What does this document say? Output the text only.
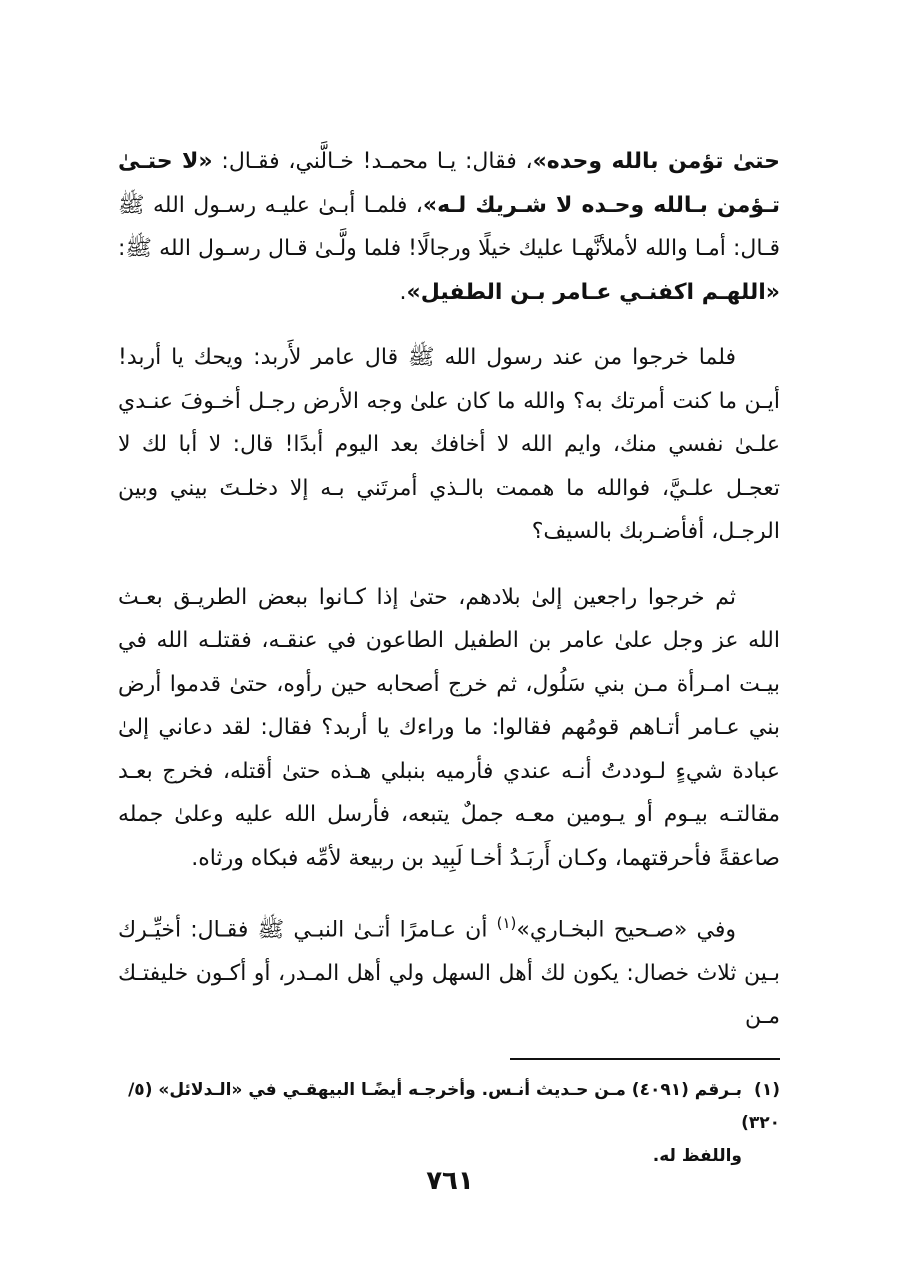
حتىٰ تؤمن بالله وحده»، فقال: يـا محمـد! خـالَّني، فقـال: «لا حتـىٰ تـؤمن بـالله وحـده لا شـريك لـه»، فلمـا أبـىٰ عليـه رسـول الله ﷺ قـال: أمـا والله لأملأنَّهـا عليك خيلًا ورجالًا! فلما ولَّـىٰ قـال رسـول الله ﷺ: «اللهـم اكفنـي عـامر بـن الطفيل».

فلما خرجوا من عند رسول الله ﷺ قال عامر لأَربد: ويحك يا أربد! أيـن ما كنت أمرتك به؟ والله ما كان علىٰ وجه الأرض رجـل أخـوفَ عنـدي علـىٰ نفسي منك، وايم الله لا أخافك بعد اليوم أبدًا! قال: لا أبا لك لا تعجـل علـيَّ، فوالله ما هممت بالـذي أمرتَني بـه إلا دخلـتَ بيني وبين الرجـل، أفأضـربك بالسيف؟

ثم خرجوا راجعين إلىٰ بلادهم، حتىٰ إذا كـانوا ببعض الطريـق بعـث الله عز وجل علىٰ عامر بن الطفيل الطاعون في عنقـه، فقتلـه الله في بيـت امـرأة مـن بني سَلُول، ثم خرج أصحابه حين رأوه، حتىٰ قدموا أرض بني عـامر أتـاهم قومُهم فقالوا: ما وراءك يا أربد؟ فقال: لقد دعاني إلىٰ عبادة شيءٍ لـوددتُ أنـه عندي فأرميه بنبلي هـذه حتىٰ أقتله، فخرج بعـد مقالتـه بيـوم أو يـومين معـه جملٌ يتبعه، فأرسل الله عليه وعلىٰ جمله صاعقةً فأحرقتهما، وكـان أَربَـدُ أخـا لَبِيد بن ربيعة لأمِّه فبكاه ورثاه.

وفي «صـحيح البخـاري»$^{(١)}$ أن عـامرًا أتـىٰ النبـي ﷺ فقـال: أخيِّـرك بـين ثلاث خصال: يكون لك أهل السهل ولي أهل المـدر، أو أكـون خليفتـك مـن

(١)بـرقم (٤٠٩١) مـن حـديث أنـس. وأخرجـه أيضًـا البيهقـي في «الـدلائل» (٥/ ٣٢٠)
واللفظ له.
٧٦١
